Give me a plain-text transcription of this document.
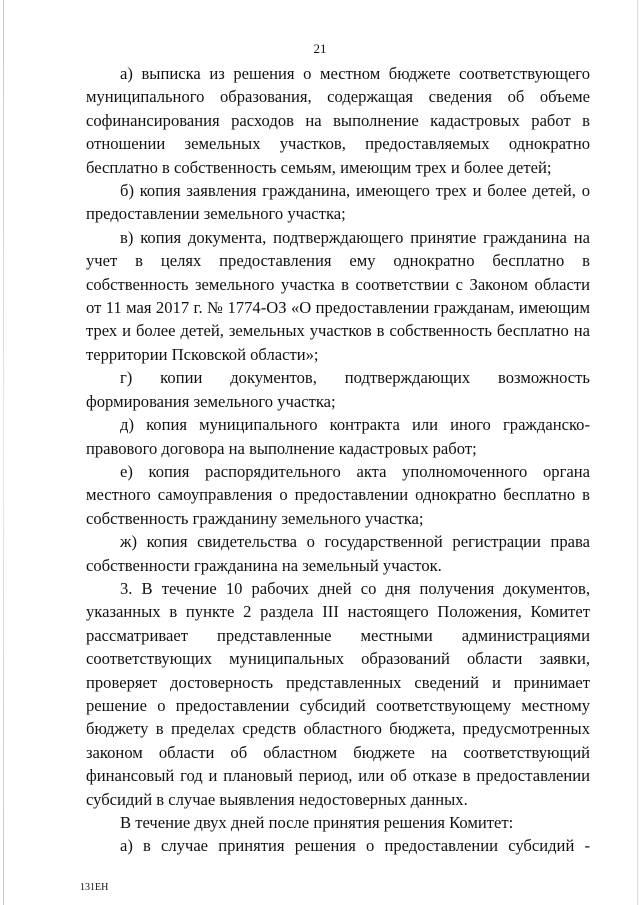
21

а) выписка из решения о местном бюджете соответствующего муниципального образования, содержащая сведения об объеме софинансирования расходов на выполнение кадастровых работ в отношении земельных участков, предоставляемых однократно бесплатно в собственность семьям, имеющим трех и более детей;

б) копия заявления гражданина, имеющего трех и более детей, о предоставлении земельного участка;

в) копия документа, подтверждающего принятие гражданина на учет в целях предоставления ему однократно бесплатно в собственность земельного участка в соответствии с Законом области от 11 мая 2017 г. № 1774-ОЗ «О предоставлении гражданам, имеющим трех и более детей, земельных участков в собственность бесплатно на территории Псковской области»;

г) копии документов, подтверждающих возможность формирования земельного участка;

д) копия муниципального контракта или иного гражданско-правового договора на выполнение кадастровых работ;

е) копия распорядительного акта уполномоченного органа местного самоуправления о предоставлении однократно бесплатно в собственность гражданину земельного участка;

ж) копия свидетельства о государственной регистрации права собственности гражданина на земельный участок.

3. В течение 10 рабочих дней со дня получения документов, указанных в пункте 2 раздела III настоящего Положения, Комитет рассматривает представленные местными администрациями соответствующих муниципальных образований области заявки, проверяет достоверность представленных сведений и принимает решение о предоставлении субсидий соответствующему местному бюджету в пределах средств областного бюджета, предусмотренных законом области об областном бюджете на соответствующий финансовый год и плановый период, или об отказе в предоставлении субсидий в случае выявления недостоверных данных.

В течение двух дней после принятия решения Комитет:

а) в случае принятия решения о предоставлении субсидий -

131ЕН
